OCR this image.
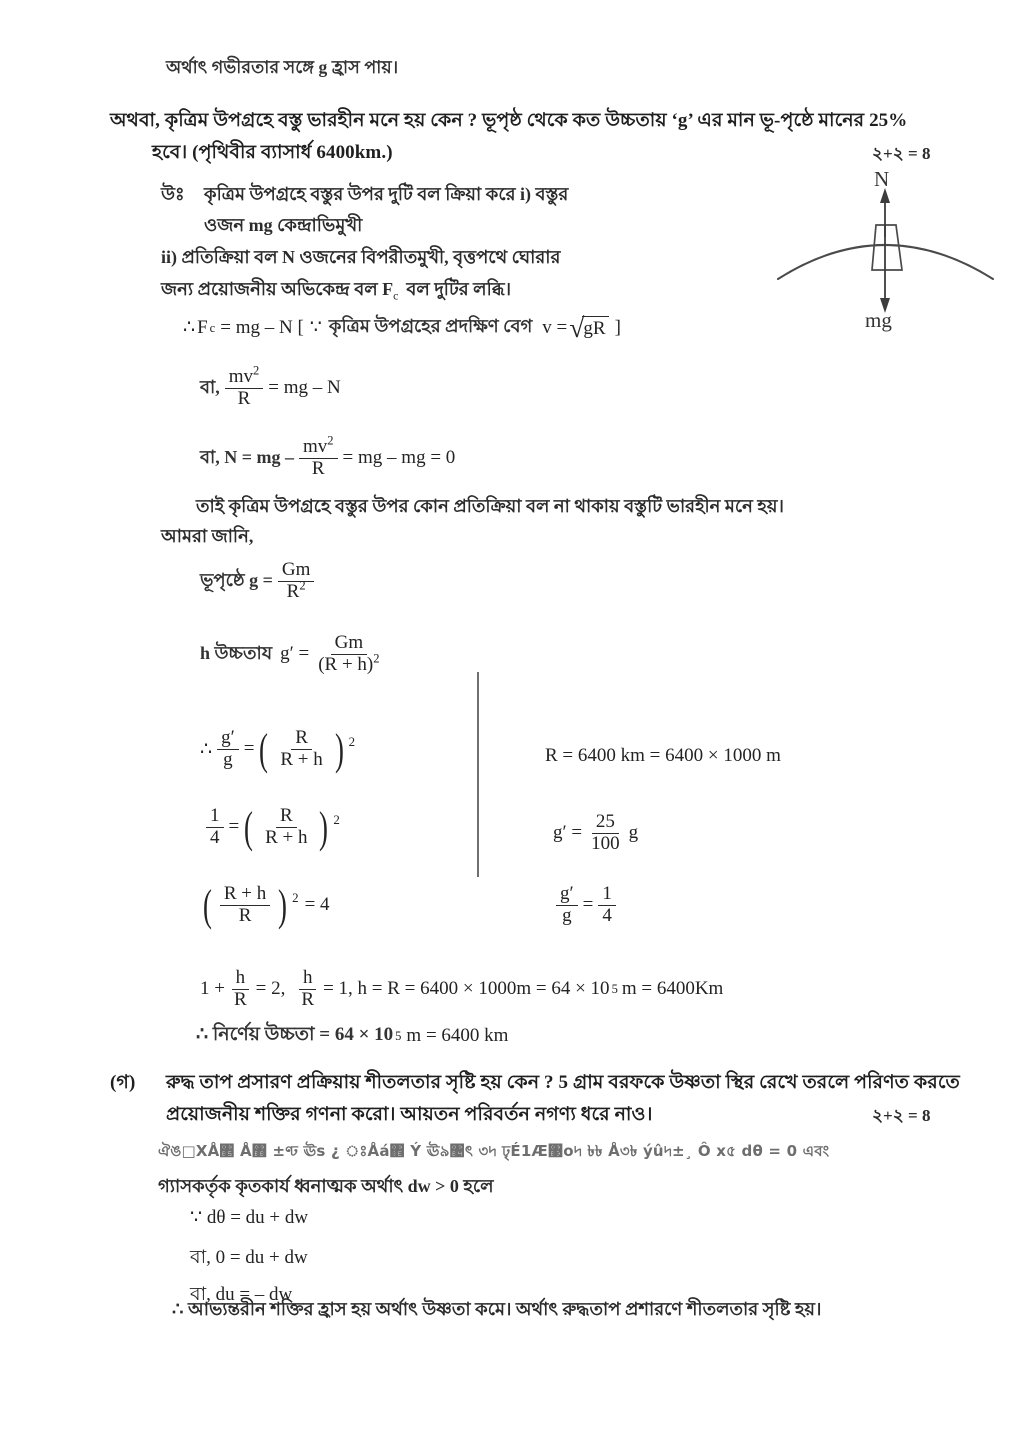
অর্থাৎ গভীরতার সঙ্গে g হ্রাস পায়।
অথবা, কৃত্রিম উপগ্রহে বস্তু ভারহীন মনে হয় কেন ? ভূপৃষ্ঠ থেকে কত উচ্চতায় ‘g’ এর মান ভূ-পৃষ্ঠে মানের 25%
হবে। (পৃথিবীর ব্যাসার্ধ 6400km.)	২+২ = 8
উঃ কৃত্রিম উপগ্রহে বস্তুর উপর দুটি বল ক্রিয়া করে i) বস্তুর
ওজন mg কেন্দ্রাভিমুখী
ii) প্রতিক্রিয়া বল N ওজনের বিপরীতমুখী, বৃত্তপথে ঘোরার
জন্য প্রয়োজনীয় অভিকেন্দ্র বল $F_c$ বল দুটির লব্ধি।
∴ F c = mg – N [ ∵ কৃত্রিম উপগ্রহের প্রদক্ষিণ বেগ v = √ gR ]
বা, $\frac{mv^2}{R}$ = mg – N
বা, N = mg – $\frac{mv^2}{R}$ = mg – mg = 0
তাই কৃত্রিম উপগ্রহে বস্তুর উপর কোন প্রতিক্রিয়া বল না থাকায় বস্তুটি ভারহীন মনে হয়।
আমরা জানি,
ভূপৃষ্ঠে $g = \frac{Gm}{R^2}$
h উচ্চতায $g' = \frac{Gm}{(R + h)^2}$
∴ $\frac{g'}{g}$ = ( $\frac{R}{R + h}$ ) 2
$\frac{1}{4}$ = ( $\frac{R}{R + h}$ ) 2
( $\frac{R + h}{R}$ ) 2 = 4
R = 6400 km = 6400 × 1000 m
$g' = \frac{25}{100}$ g
$\frac{g'}{g} = \frac{1}{4}$
$1 + \frac{h}{R} = 2$, $\frac{h}{R} = 1$, h = R = 6400 × 1000m = 64 × 10 5 m = 6400Km
∴ নির্ণেয় উচ্চতা = 64 × 10 5 m = 6400 km
(গ) রুদ্ধ তাপ প্রসারণ প্রক্রিয়ায় শীতলতার সৃষ্টি হয় কেন ? 5 গ্রাম বরফকে উষ্ণতা স্থির রেখে তরলে পরিণত করতে
প্রয়োজনীয় শক্তির গণনা করো। আয়তন পরিবর্তন নগণ্য ধরে নাও।	২+২ = 8
ঐঙ□XÅ঵ Å঻ ±ণ্ঢ ঊs ¿ ঃÅá঎ Ý ঊ৯঴ৎ ৩৸ ঢ়ৃÉ1Æ঳o৸ ৳৳ Å৩৳ ýû৸±¸ Ô x৫ dθ = 0 এবং
গ্যাসকর্তৃক কৃতকার্য ধ্বনাত্মক অর্থাৎ dw > 0 হলে
∵ dθ = du + dw
বা, 0 = du + dw
বা, du = – dw
∴ আভ্যন্তরীন শক্তির হ্রাস হয় অর্থাৎ উষ্ণতা কমে। অর্থাৎ রুদ্ধতাপ প্রশারণে শীতলতার সৃষ্টি হয়।
N
mg
